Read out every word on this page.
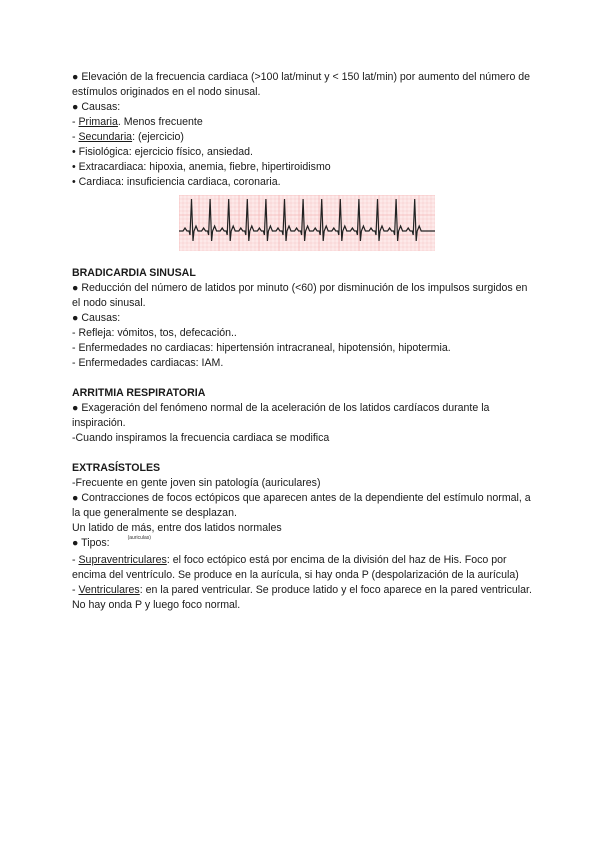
● Elevación de la frecuencia cardiaca (>100 lat/minut y < 150 lat/min) por aumento del número de estímulos originados en el nodo sinusal.
● Causas:
- Primaria. Menos frecuente
- Secundaria: (ejercicio)
• Fisiológica: ejercicio físico, ansiedad.
• Extracardiaca: hipoxia, anemia, fiebre, hipertiroidismo
• Cardiaca: insuficiencia cardiaca, coronaria.
BRADICARDIA SINUSAL
● Reducción del número de latidos por minuto (<60) por disminución de los impulsos surgidos en el nodo sinusal.
● Causas:
- Refleja: vómitos, tos, defecación..
- Enfermedades no cardiacas: hipertensión intracraneal, hipotensión, hipotermia.
- Enfermedades cardiacas: IAM.
ARRITMIA RESPIRATORIA
● Exageración del fenómeno normal de la aceleración de los latidos cardíacos durante la inspiración.
-Cuando inspiramos la frecuencia cardiaca se modifica
EXTRASÍSTOLES
-Frecuente en gente joven sin patología (auriculares)
● Contracciones de focos ectópicos que aparecen antes de la dependiente del estímulo normal, a la que generalmente se desplazan.
Un latido de más, entre dos latidos normales
● Tipos:	$^{(auriculas)}$
- Supraventriculares: el foco ectópico está por encima de la división del haz de His. Foco por encima del ventrículo. Se produce en la aurícula, si hay onda P (despolarización de la aurícula)
- Ventriculares: en la pared ventricular. Se produce latido y el foco aparece en la pared ventricular. No hay onda P y luego foco normal.
